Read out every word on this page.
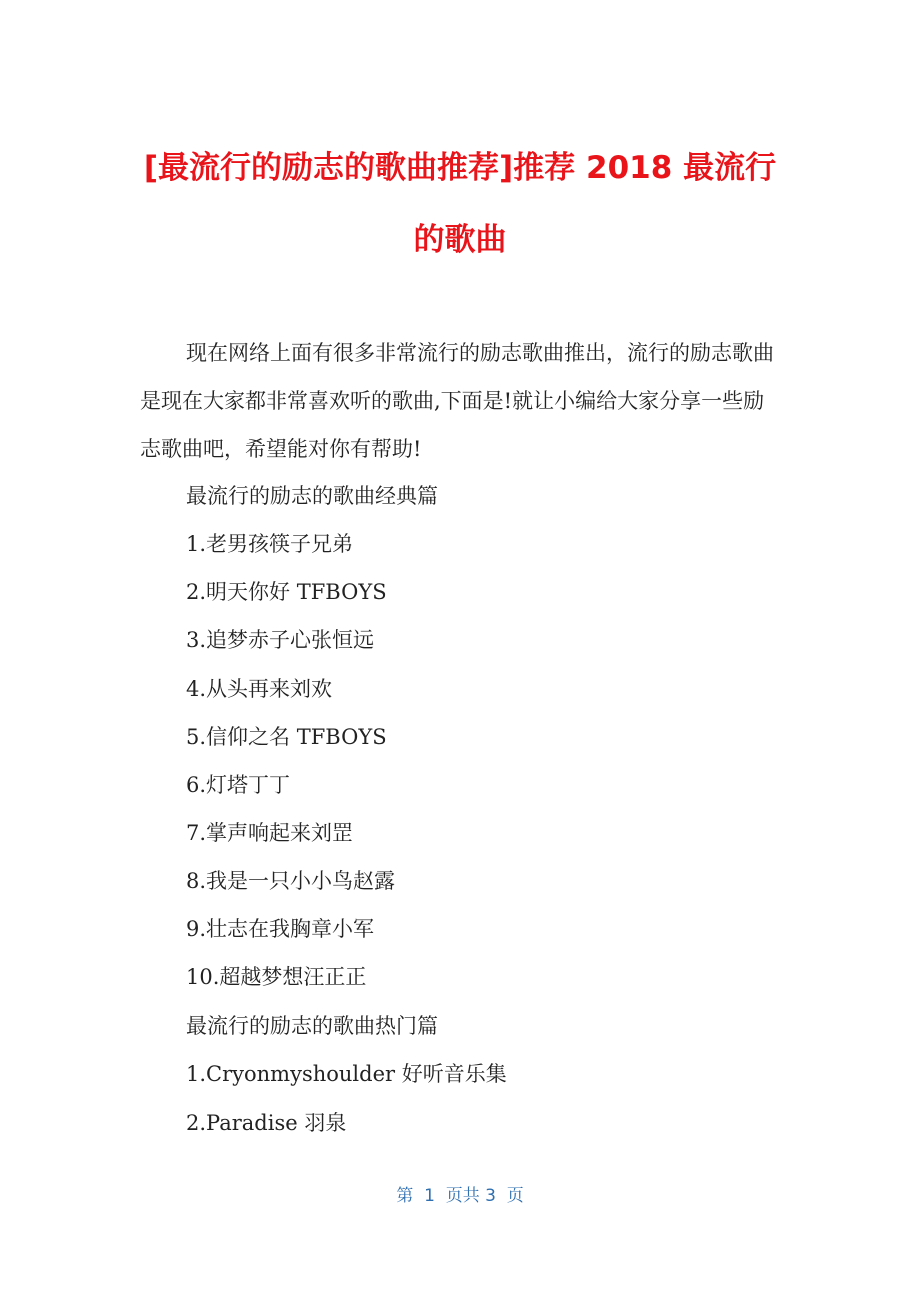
[最流行的励志的歌曲推荐]推荐 2018 最流行
的歌曲

现在网络上面有很多非常流行的励志歌曲推出，流行的励志歌曲是现在大家都非常喜欢听的歌曲,下面是!就让小编给大家分享一些励志歌曲吧，希望能对你有帮助!

最流行的励志的歌曲经典篇
1.老男孩筷子兄弟
2.明天你好 TFBOYS
3.追梦赤子心张恒远
4.从头再来刘欢
5.信仰之名 TFBOYS
6.灯塔丁丁
7.掌声响起来刘罡
8.我是一只小小鸟赵露
9.壮志在我胸章小军
10.超越梦想汪正正
最流行的励志的歌曲热门篇
1.Cryonmyshoulder 好听音乐集
2.Paradise 羽泉
第  1  页共 3  页
